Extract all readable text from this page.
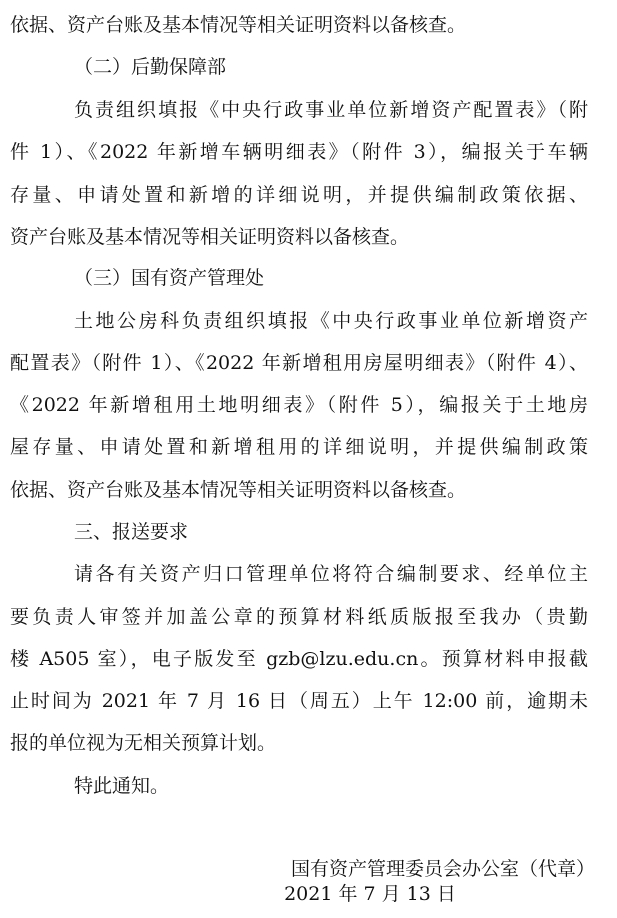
依据、资产台账及基本情况等相关证明资料以备核查。
（二）后勤保障部
负责组织填报《中央行政事业单位新增资产配置表》（附
件 1）、《2022 年新增车辆明细表》（附件 3），编报关于车辆
存量、申请处置和新增的详细说明，并提供编制政策依据、
资产台账及基本情况等相关证明资料以备核查。
（三）国有资产管理处
土地公房科负责组织填报《中央行政事业单位新增资产
配置表》（附件 1）、《2022 年新增租用房屋明细表》（附件 4）、
《2022 年新增租用土地明细表》（附件 5），编报关于土地房
屋存量、申请处置和新增租用的详细说明，并提供编制政策
依据、资产台账及基本情况等相关证明资料以备核查。
三、报送要求
请各有关资产归口管理单位将符合编制要求、经单位主
要负责人审签并加盖公章的预算材料纸质版报至我办（贵勤
楼 A505 室），电子版发至 gzb@lzu.edu.cn。预算材料申报截
止时间为 2021 年 7 月 16 日（周五）上午 12:00 前，逾期未
报的单位视为无相关预算计划。
特此通知。
国有资产管理委员会办公室（代章）
2021 年 7 月 13 日
